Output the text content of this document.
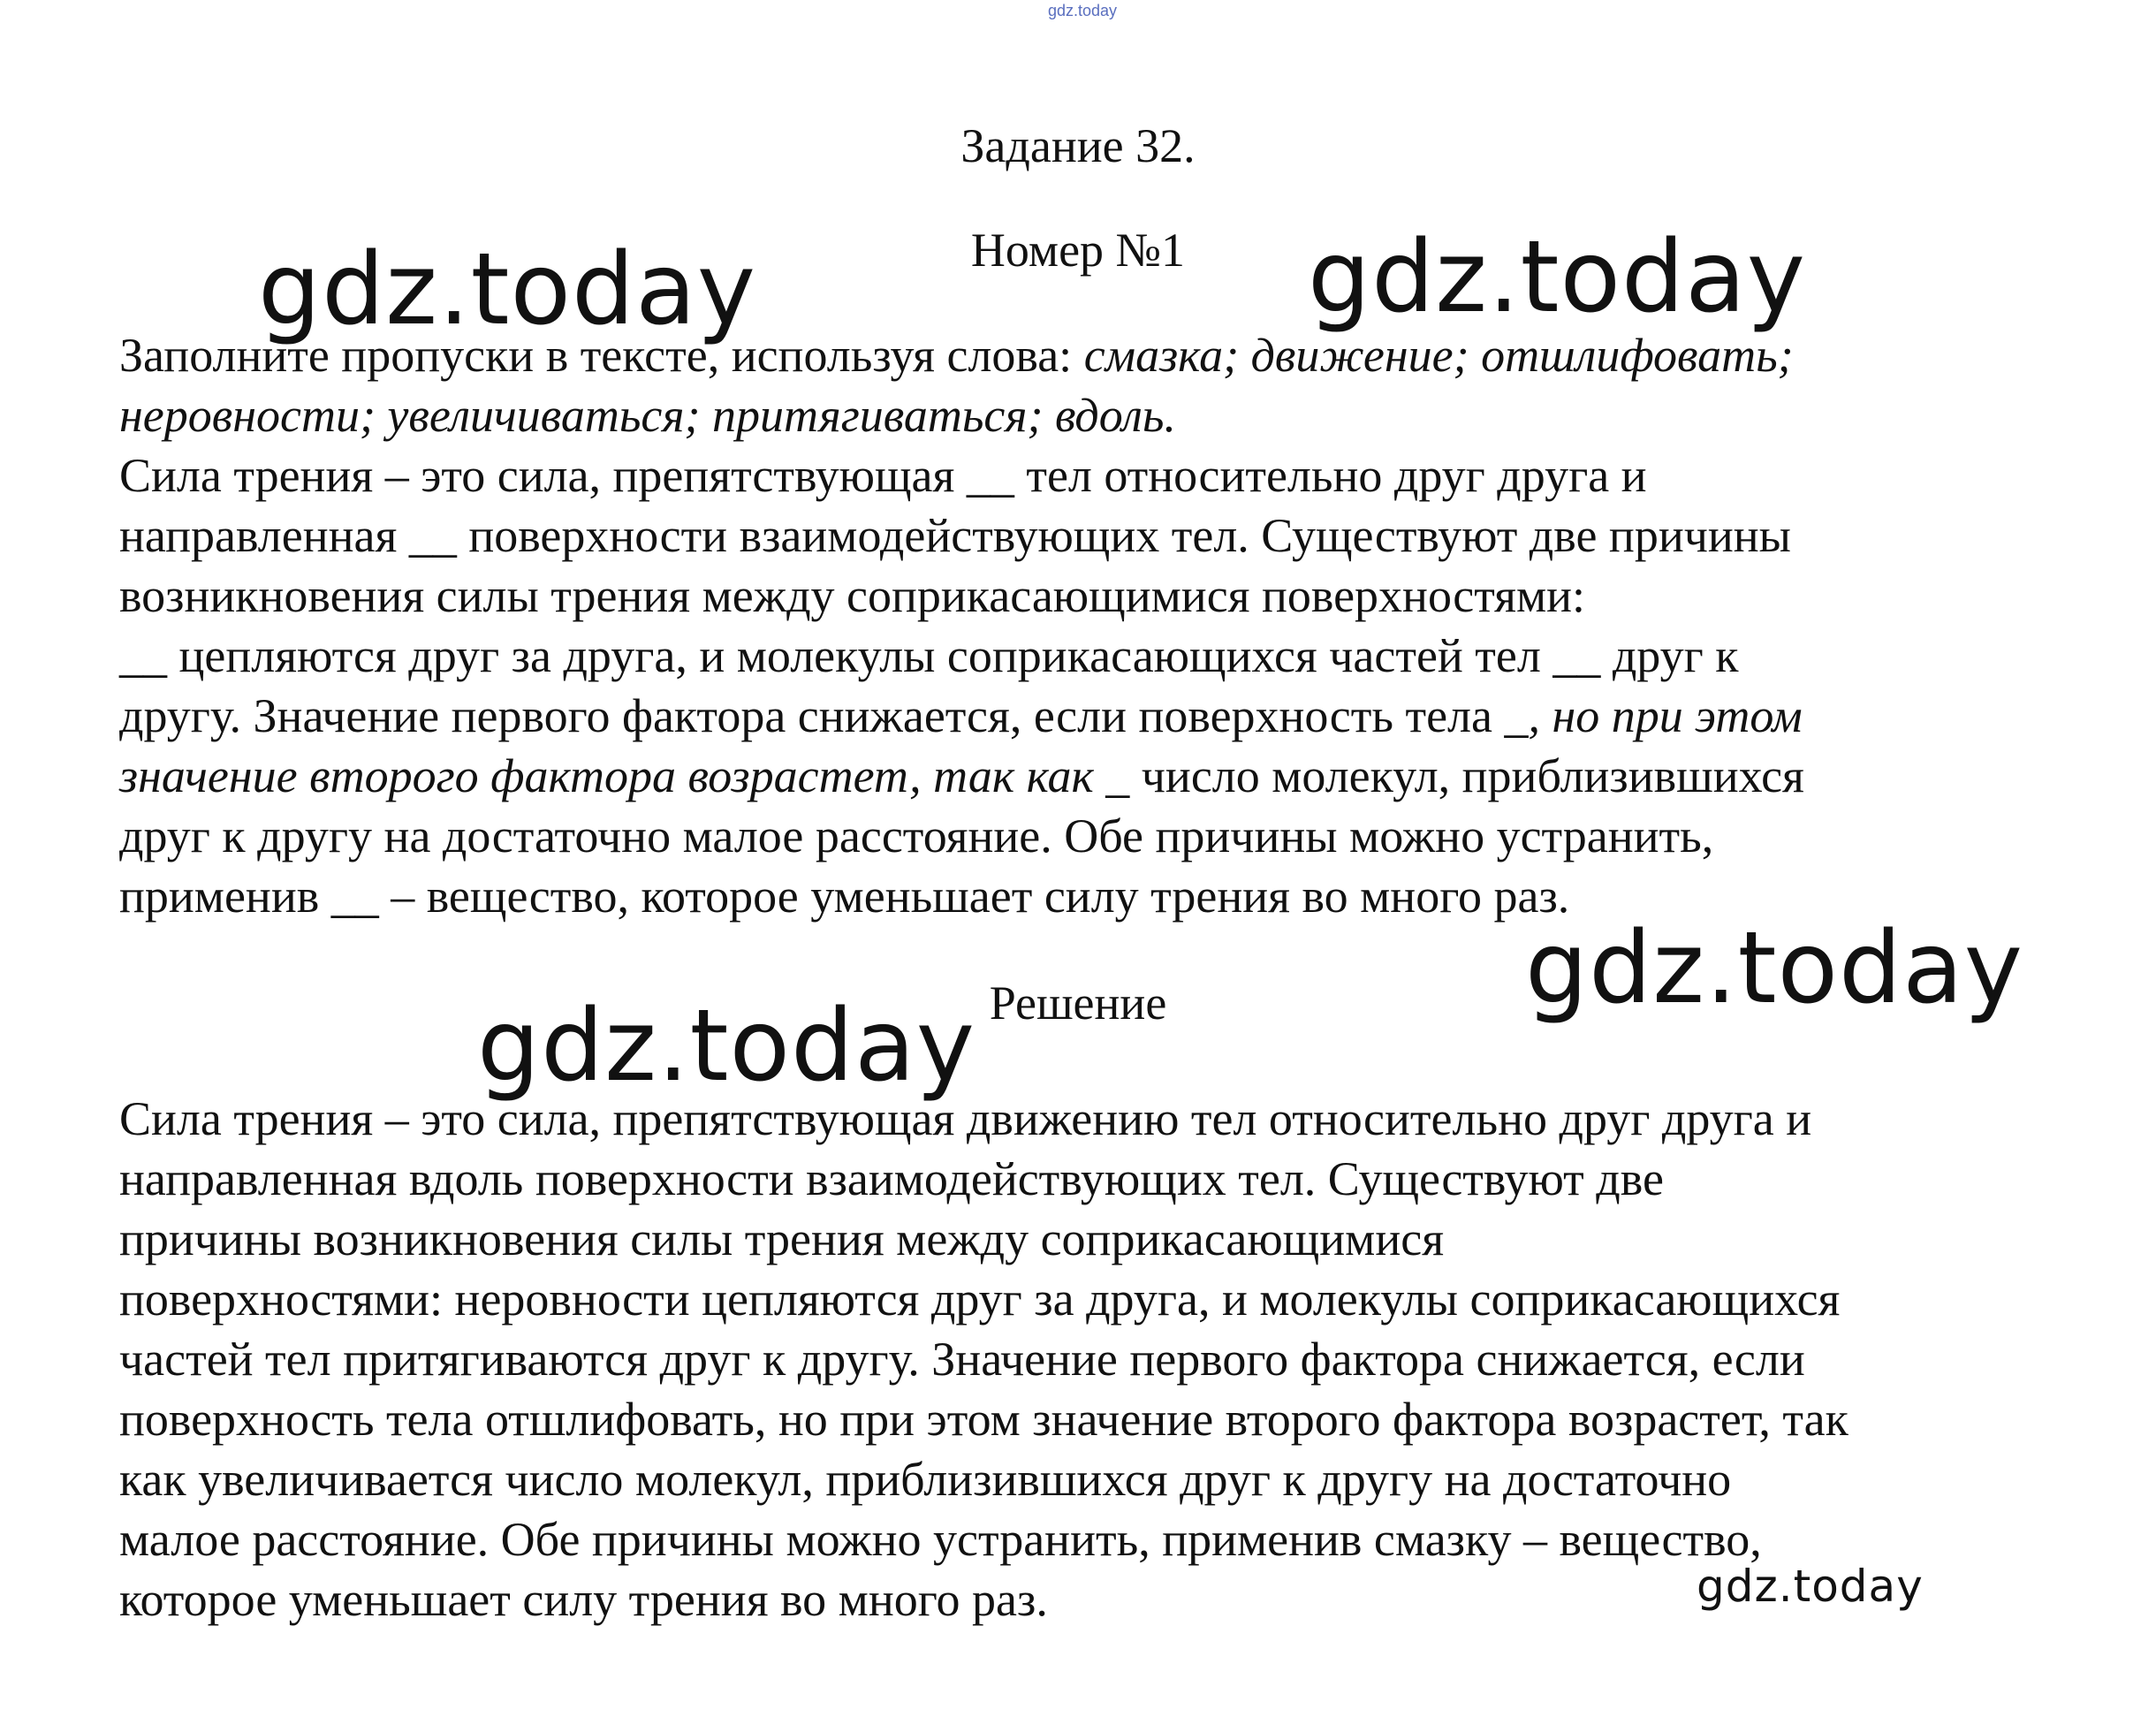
gdz.today
Задание 32.
Номер №1
Заполните пропуски в тексте, используя слова: смазка; движение; отшлифовать;
неровности; увеличиваться; притягиваться; вдоль.
Сила трения – это сила, препятствующая __ тел относительно друг друга и
направленная __ поверхности взаимодействующих тел. Существуют две причины
возникновения силы трения между соприкасающимися поверхностями:
__ цепляются друг за друга, и молекулы соприкасающихся частей тел __ друг к
другу. Значение первого фактора снижается, если поверхность тела _, но при этом
значение второго фактора возрастет, так как _ число молекул, приблизившихся
друг к другу на достаточно малое расстояние. Обе причины можно устранить,
применив __ – вещество, которое уменьшает силу трения во много раз.
Решение
Сила трения – это сила, препятствующая движению тел относительно друг друга и
направленная вдоль поверхности взаимодействующих тел. Существуют две
причины возникновения силы трения между соприкасающимися
поверхностями: неровности цепляются друг за друга, и молекулы соприкасающихся
частей тел притягиваются друг к другу. Значение первого фактора снижается, если
поверхность тела отшлифовать, но при этом значение второго фактора возрастет, так
как увеличивается число молекул, приблизившихся друг к другу на достаточно
малое расстояние. Обе причины можно устранить, применив смазку – вещество,
которое уменьшает силу трения во много раз.
gdz.today	gdz.today
gdz.today
gdz.today
gdz.today
